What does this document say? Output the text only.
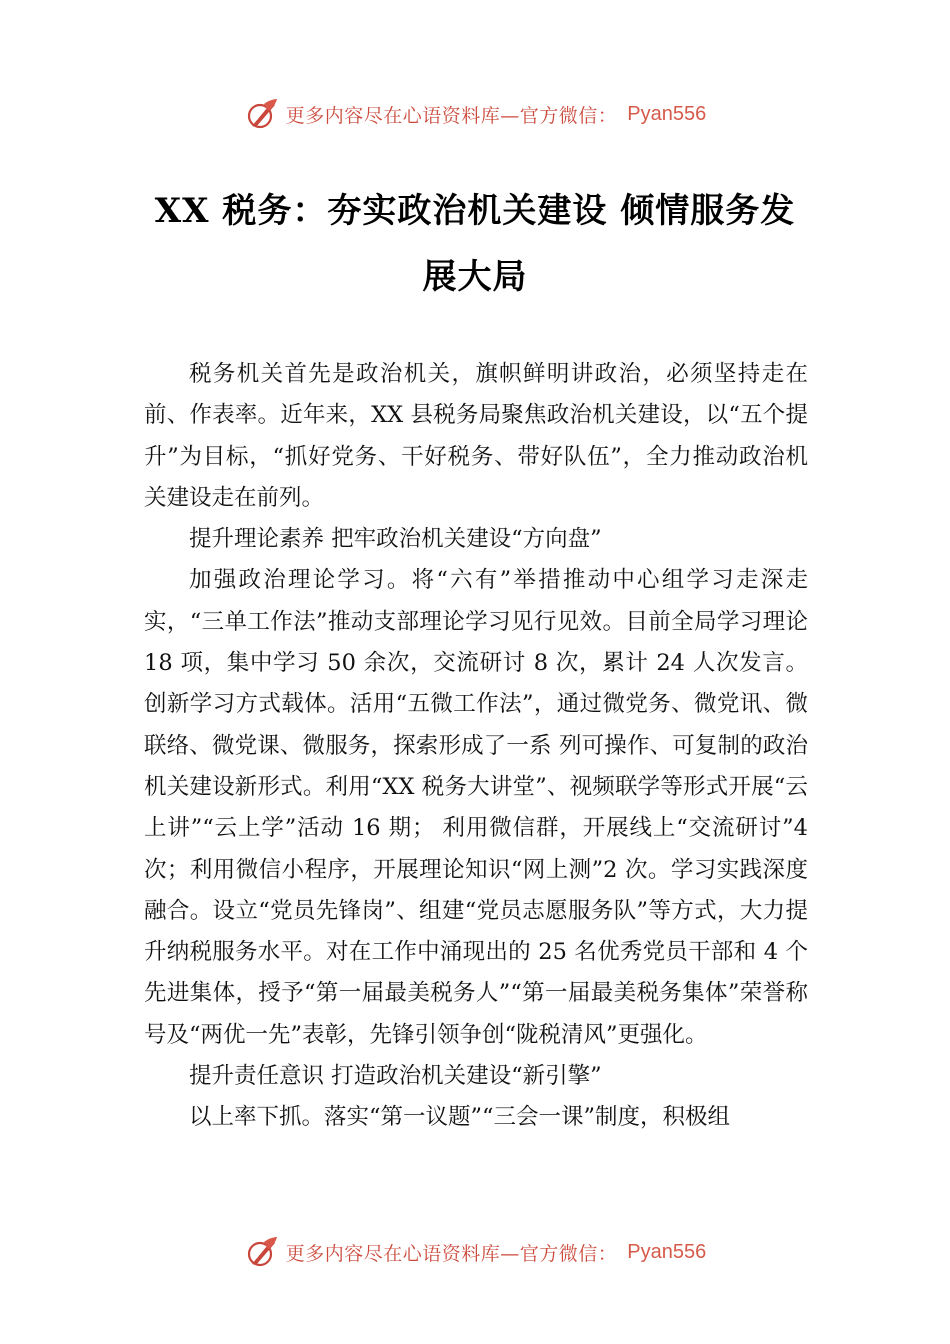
更多内容尽在心语资料库—官方微信： Pyan556
XX 税务：夯实政治机关建设 倾情服务发
展大局

税务机关首先是政治机关，旗帜鲜明讲政治，必须坚持走在前、作表率。近年来，XX 县税务局聚焦政治机关建设，以“五个提升”为目标，“抓好党务、干好税务、带好队伍”，全力推动政治机关建设走在前列。

提升理论素养 把牢政治机关建设“方向盘”

加强政治理论学习。将“六有”举措推动中心组学习走深走实，“三单工作法”推动支部理论学习见行见效。目前全局学习理论 18 项，集中学习 50 余次，交流研讨 8 次，累计 24 人次发言。创新学习方式载体。活用“五微工作法”，通过微党务、微党讯、微联络、微党课、微服务，探索形成了一系 列可操作、可复制的政治机关建设新形式。利用“XX 税务大讲堂”、视频联学等形式开展“云上讲”“云上学”活动 16 期； 利用微信群，开展线上“交流研讨”4 次；利用微信小程序，开展理论知识“网上测”2 次。学习实践深度融合。设立“党员先锋岗”、组建“党员志愿服务队”等方式，大力提升纳税服务水平。对在工作中涌现出的 25 名优秀党员干部和 4 个先进集体，授予“第一届最美税务人”“第一届最美税务集体”荣誉称号及“两优一先”表彰，先锋引领争创“陇税清风”更强化。

提升责任意识 打造政治机关建设“新引擎”

以上率下抓。落实“第一议题”“三会一课”制度，积极组

更多内容尽在心语资料库—官方微信： Pyan556
